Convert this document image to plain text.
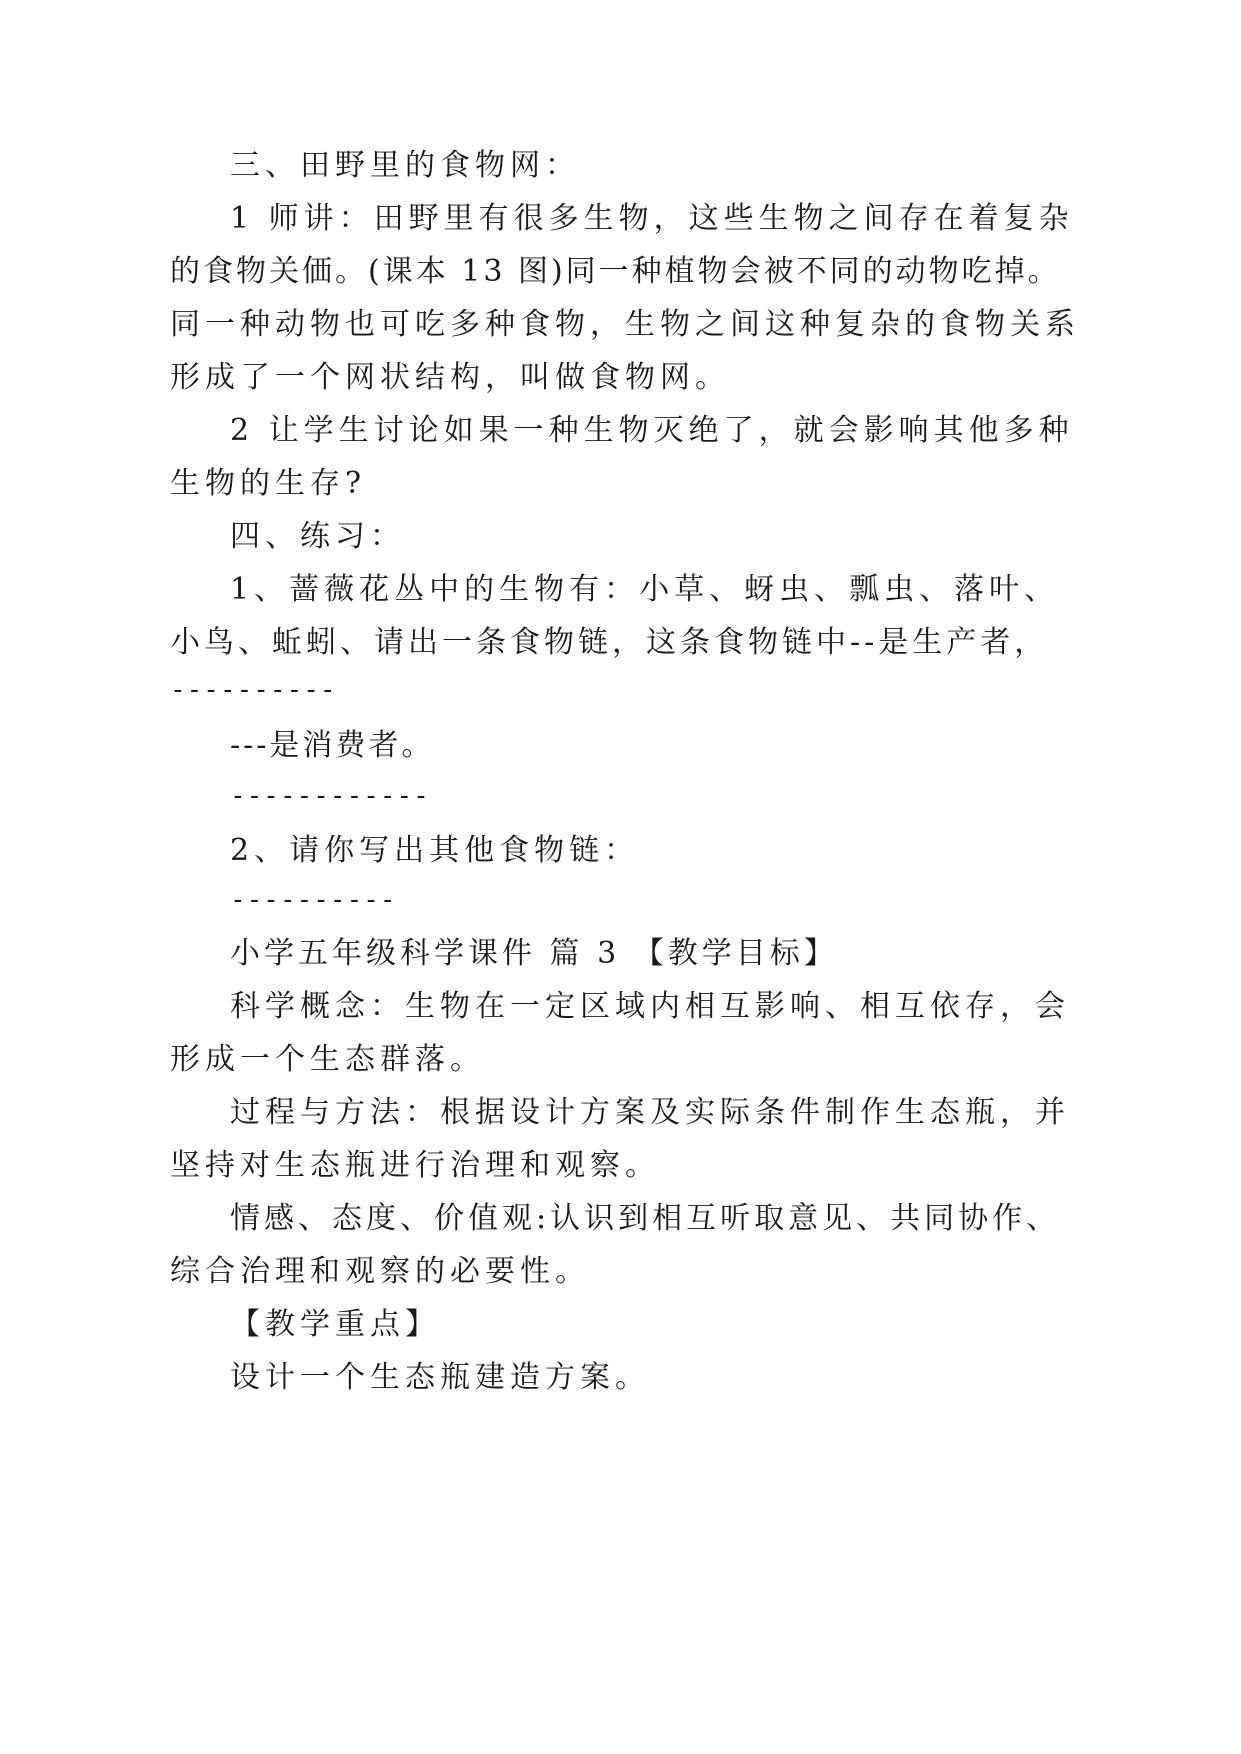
三、田野里的食物网：
1 师讲：田野里有很多生物，这些生物之间存在着复杂
的食物关価。(课本 13 图)同一种植物会被不同的动物吃掉。
同一种动物也可吃多种食物，生物之间这种复杂的食物关系
形成了一个网状结构，叫做食物网。
2 让学生讨论如果一种生物灭绝了，就会影响其他多种
生物的生存?
四、练习：
1、蔷薇花丛中的生物有：小草、蚜虫、瓢虫、落叶、
小鸟、蚯蚓、请出一条食物链，这条食物链中--是生产者，
----------
---是消费者。
------------
2、请你写出其他食物链：
----------
小学五年级科学课件 篇 3 【教学目标】
科学概念：生物在一定区域内相互影响、相互依存，会
形成一个生态群落。
过程与方法：根据设计方案及实际条件制作生态瓶，并
坚持对生态瓶进行治理和观察。
情感、态度、价值观:认识到相互听取意见、共同协作、
综合治理和观察的必要性。
【教学重点】
设计一个生态瓶建造方案。
